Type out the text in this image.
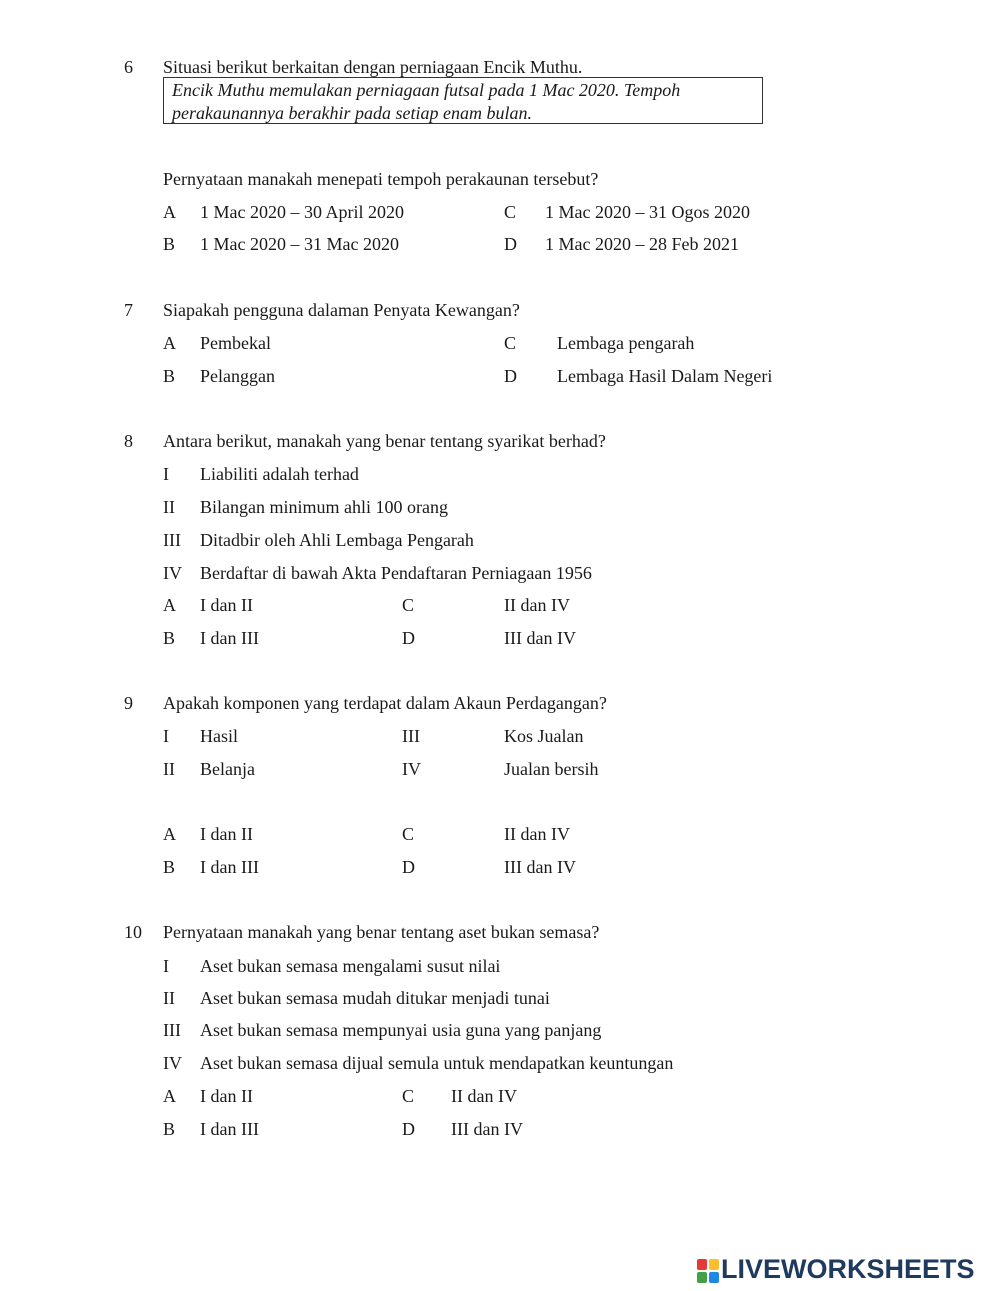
6 Situasi berikut berkaitan dengan perniagaan Encik Muthu.
Encik Muthu memulakan perniagaan futsal pada 1 Mac 2020. Tempoh
perakaunannya berakhir pada setiap enam bulan.
Pernyataan manakah menepati tempoh perakaunan tersebut?
A 1 Mac 2020 – 30 April 2020
B 1 Mac 2020 – 31 Mac 2020
C 1 Mac 2020 – 31 Ogos 2020
D 1 Mac 2020 – 28 Feb 2021
7 Siapakah pengguna dalaman Penyata Kewangan?
A Pembekal
B Pelanggan
C Lembaga pengarah
D Lembaga Hasil Dalam Negeri
8 Antara berikut, manakah yang benar tentang syarikat berhad?
I Liabiliti adalah terhad
II Bilangan minimum ahli 100 orang
III Ditadbir oleh Ahli Lembaga Pengarah
IV Berdaftar di bawah Akta Pendaftaran Perniagaan 1956
A I dan II
B I dan III
C	II dan IV
D	III dan IV
9 Apakah komponen yang terdapat dalam Akaun Perdagangan?
I Hasil
II Belanja
III	Kos Jualan
IV	Jualan bersih
A I dan II
B I dan III
C	II dan IV
D	III dan IV
10 Pernyataan manakah yang benar tentang aset bukan semasa?
I Aset bukan semasa mengalami susut nilai
II Aset bukan semasa mudah ditukar menjadi tunai
III Aset bukan semasa mempunyai usia guna yang panjang
IV Aset bukan semasa dijual semula untuk mendapatkan keuntungan
A I dan II
B I dan III
C II dan IV
D III dan IV
LIVEWORKSHEETS
